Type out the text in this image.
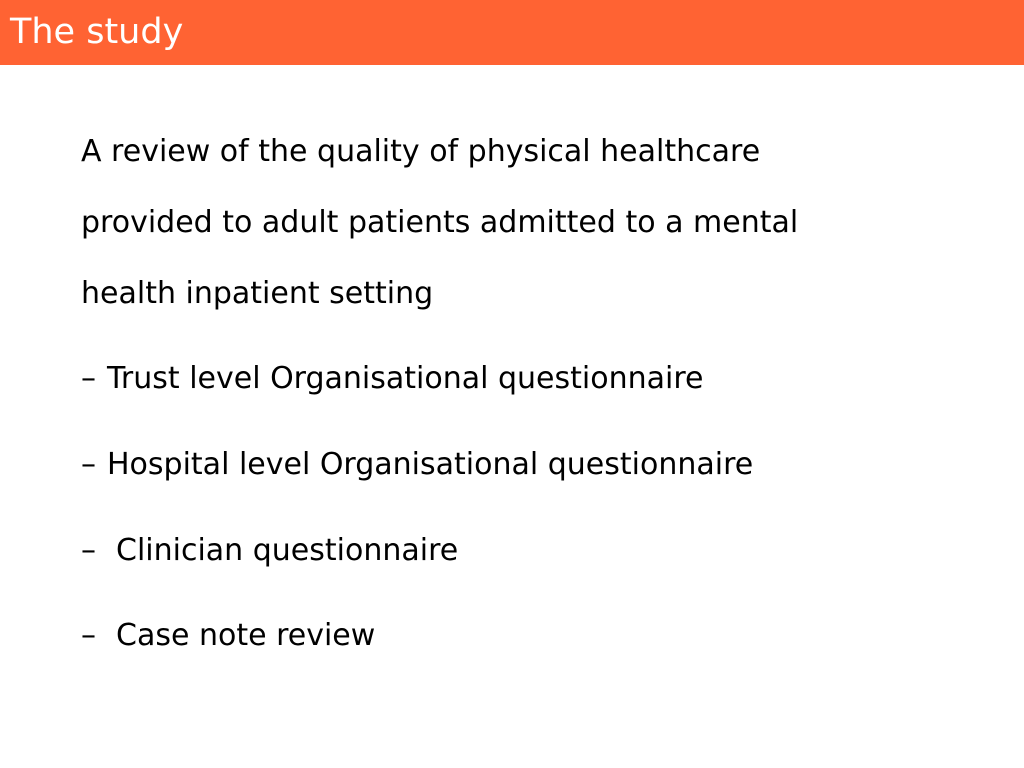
The study
A review of the quality of physical healthcare
provided to adult patients admitted to a mental
health inpatient setting
– Trust level Organisational questionnaire
– Hospital level Organisational questionnaire
– Clinician questionnaire
– Case note review
